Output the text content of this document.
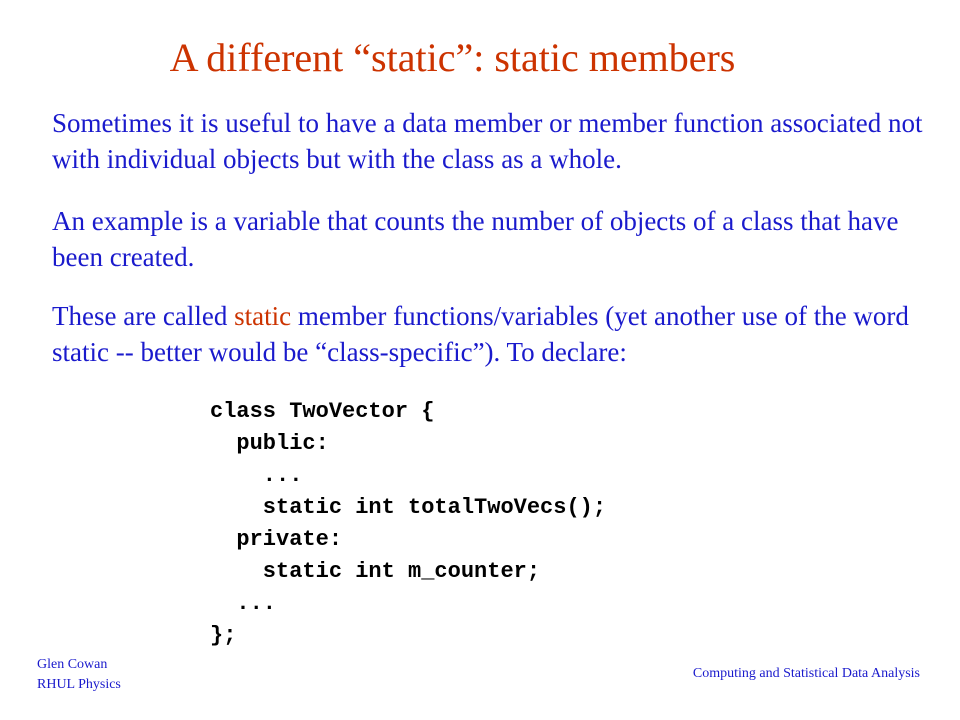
A different “static”: static members

Sometimes it is useful to have a data member or member function associated not with individual objects but with the class as a whole.

An example is a variable that counts the number of objects of a class that have been created.

These are called static member functions/variables (yet another use of the word static -- better would be “class-specific”). To declare:

class TwoVector {
public:
...
static int totalTwoVecs();
private:
static int m_counter;
...
};
Glen Cowan
RHUL Physics
Computing and Statistical Data Analysis
